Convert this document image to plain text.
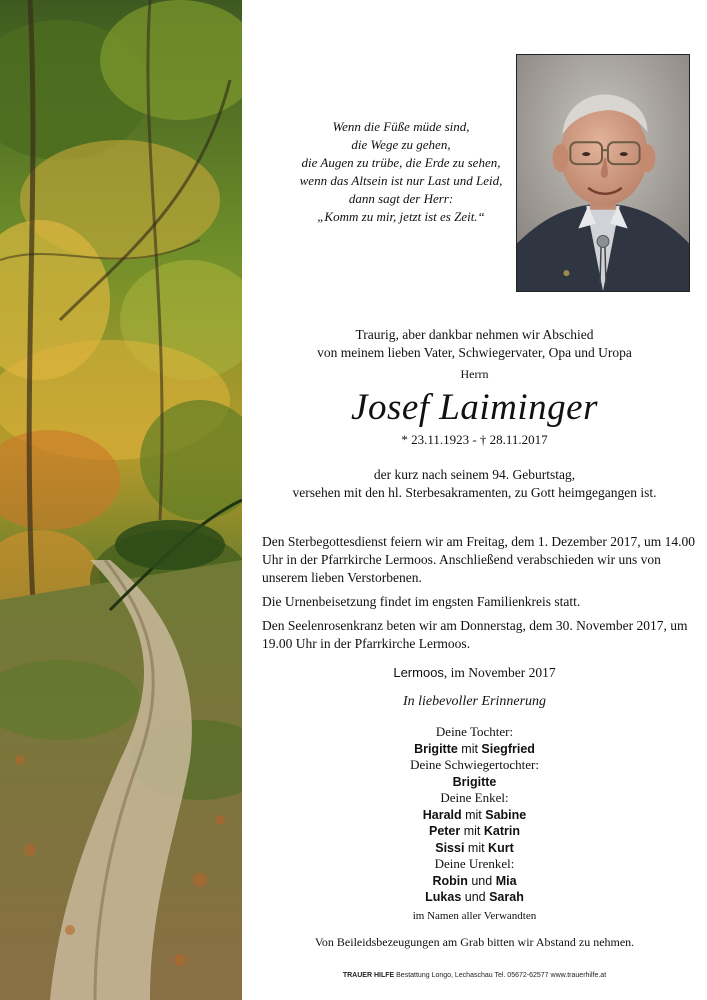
Wenn die Füße müde sind,
die Wege zu gehen,
die Augen zu trübe, die Erde zu sehen,
wenn das Altsein ist nur Last und Leid,
dann sagt der Herr:
„Komm zu mir, jetzt ist es Zeit.“
Traurig, aber dankbar nehmen wir Abschied
von meinem lieben Vater, Schwiegervater, Opa und Uropa
Herrn
Josef Laiminger
* 23.11.1923 - † 28.11.2017
der kurz nach seinem 94. Geburtstag,
versehen mit den hl. Sterbesakramenten, zu Gott heimgegangen ist.

Den Sterbegottesdienst feiern wir am Freitag, dem 1. Dezember 2017, um 14.00 Uhr in der Pfarrkirche Lermoos. Anschließend verabschieden wir uns von unserem lieben Verstorbenen.

Die Urnenbeisetzung findet im engsten Familienkreis statt.

Den Seelenrosenkranz beten wir am Donnerstag, dem 30. November 2017, um 19.00 Uhr in der Pfarrkirche Lermoos.

Lermoos, im November 2017
In liebevoller Erinnerung
Deine Tochter:
Brigitte mit Siegfried
Deine Schwiegertochter:
Brigitte
Deine Enkel:
Harald mit Sabine
Peter mit Katrin
Sissi mit Kurt
Deine Urenkel:
Robin und Mia
Lukas und Sarah
im Namen aller Verwandten
Von Beileidsbezeugungen am Grab bitten wir Abstand zu nehmen.
TRAUER HILFE Bestattung Longo, Lechaschau Tel. 05672-62577 www.trauerhilfe.at
